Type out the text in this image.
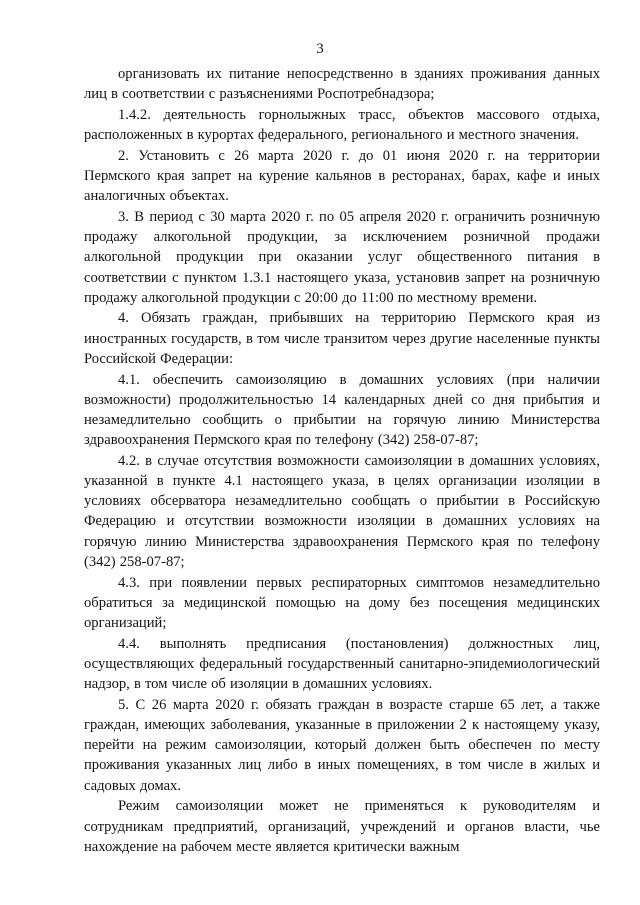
3

организовать их питание непосредственно в зданиях проживания данных лиц в соответствии с разъяснениями Роспотребнадзора;

1.4.2. деятельность горнолыжных трасс, объектов массового отдыха, расположенных в курортах федерального, регионального и местного значения.

2. Установить с 26 марта 2020 г. до 01 июня 2020 г. на территории Пермского края запрет на курение кальянов в ресторанах, барах, кафе и иных аналогичных объектах.

3. В период с 30 марта 2020 г. по 05 апреля 2020 г. ограничить розничную продажу алкогольной продукции, за исключением розничной продажи алкогольной продукции при оказании услуг общественного питания в соответствии с пунктом 1.3.1 настоящего указа, установив запрет на розничную продажу алкогольной продукции с 20:00 до 11:00 по местному времени.

4. Обязать граждан, прибывших на территорию Пермского края из иностранных государств, в том числе транзитом через другие населенные пункты Российской Федерации:

4.1. обеспечить самоизоляцию в домашних условиях (при наличии возможности) продолжительностью 14 календарных дней со дня прибытия и незамедлительно сообщить о прибытии на горячую линию Министерства здравоохранения Пермского края по телефону (342) 258-07-87;

4.2. в случае отсутствия возможности самоизоляции в домашних условиях, указанной в пункте 4.1 настоящего указа, в целях организации изоляции в условиях обсерватора незамедлительно сообщать о прибытии в Российскую Федерацию и отсутствии возможности изоляции в домашних условиях на горячую линию Министерства здравоохранения Пермского края по телефону (342) 258-07-87;

4.3. при появлении первых респираторных симптомов незамедлительно обратиться за медицинской помощью на дому без посещения медицинских организаций;

4.4. выполнять предписания (постановления) должностных лиц, осуществляющих федеральный государственный санитарно-эпидемиологический надзор, в том числе об изоляции в домашних условиях.

5. С 26 марта 2020 г. обязать граждан в возрасте старше 65 лет, а также граждан, имеющих заболевания, указанные в приложении 2 к настоящему указу, перейти на режим самоизоляции, который должен быть обеспечен по месту проживания указанных лиц либо в иных помещениях, в том числе в жилых и садовых домах.

Режим самоизоляции может не применяться к руководителям и сотрудникам предприятий, организаций, учреждений и органов власти, чье нахождение на рабочем месте является критически важным
